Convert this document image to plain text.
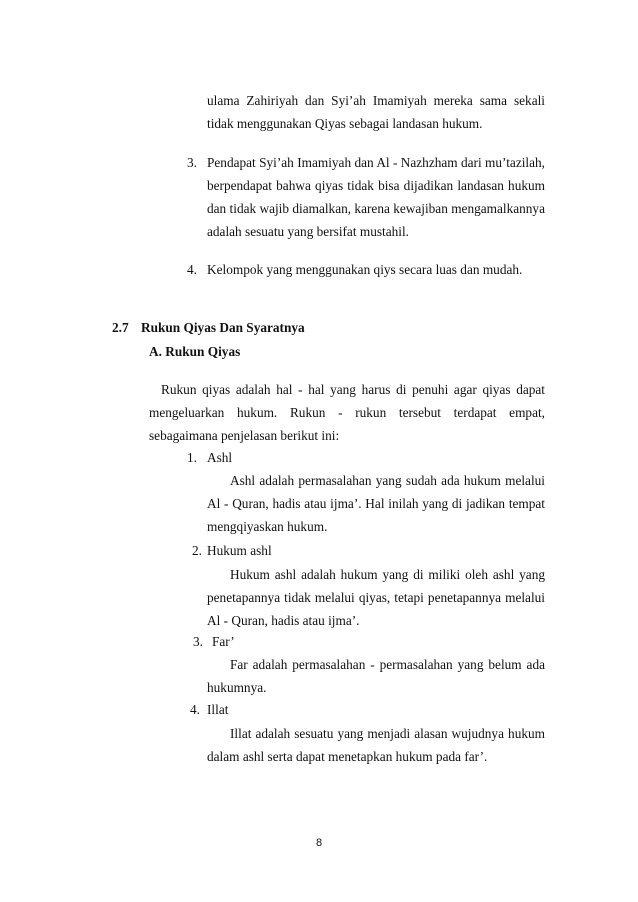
ulama Zahiriyah dan Syi’ah Imamiyah mereka sama sekali tidak menggunakan Qiyas sebagai landasan hukum.

3. Pendapat Syi’ah Imamiyah dan Al - Nazhzham dari mu’tazilah, berpendapat bahwa qiyas tidak bisa dijadikan landasan hukum dan tidak wajib diamalkan, karena kewajiban mengamalkannya adalah sesuatu yang bersifat mustahil.

4. Kelompok yang menggunakan qiys secara luas dan mudah.

2.7 Rukun Qiyas Dan Syaratnya
A. Rukun Qiyas

Rukun qiyas adalah hal - hal yang harus di penuhi agar qiyas dapat mengeluarkan hukum. Rukun - rukun tersebut terdapat empat, sebagaimana penjelasan berikut ini:

1. Ashl

Ashl adalah permasalahan yang sudah ada hukum melalui Al - Quran, hadis atau ijma’. Hal inilah yang di jadikan tempat mengqiyaskan hukum.

2. Hukum ashl

Hukum ashl adalah hukum yang di miliki oleh ashl yang penetapannya tidak melalui qiyas, tetapi penetapannya melalui Al - Quran, hadis atau ijma’.

3. Far’

Far adalah permasalahan - permasalahan yang belum ada hukumnya.

4. Illat

Illat adalah sesuatu yang menjadi alasan wujudnya hukum dalam ashl serta dapat menetapkan hukum pada far’.

8
